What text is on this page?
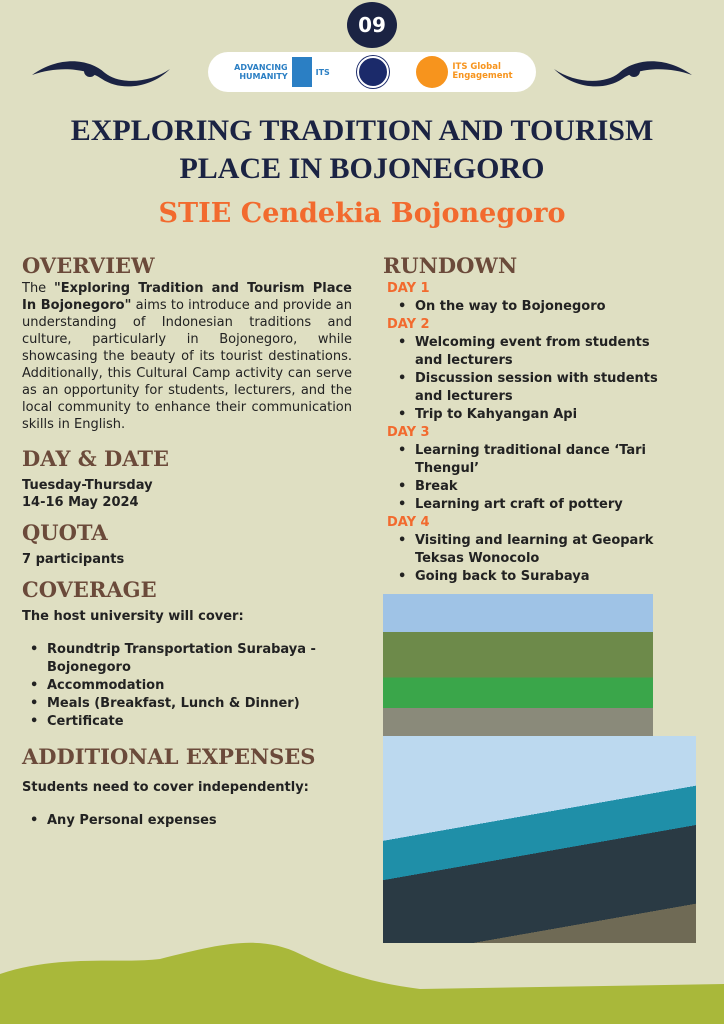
09
ADVANCING HUMANITY	ITS	ITS Global Engagement
EXPLORING TRADITION AND TOURISM PLACE IN BOJONEGORO
STIE Cendekia Bojonegoro
OVERVIEW

The "Exploring Tradition and Tourism Place In Bojonegoro" aims to introduce and provide an understanding of Indonesian traditions and culture, particularly in Bojonegoro, while showcasing the beauty of its tourist destinations. Additionally, this Cultural Camp activity can serve as an opportunity for students, lecturers, and the local community to enhance their communication skills in English.

DAY & DATE
Tuesday-Thursday
14-16 May 2024
QUOTA
7 participants
COVERAGE
The host university will cover:
• Roundtrip Transportation Surabaya - Bojonegoro
• Accommodation
• Meals (Breakfast, Lunch & Dinner)
• Certificate
ADDITIONAL EXPENSES
Students need to cover independently:
• Any Personal expenses
RUNDOWN
DAY 1
• On the way to Bojonegoro
DAY 2
• Welcoming event from students and lecturers
• Discussion session with students and lecturers
• Trip to Kahyangan Api
DAY 3
• Learning traditional dance ‘Tari Thengul’
• Break
• Learning art craft of pottery
DAY 4
• Visiting and learning at Geopark Teksas Wonocolo
• Going back to Surabaya
